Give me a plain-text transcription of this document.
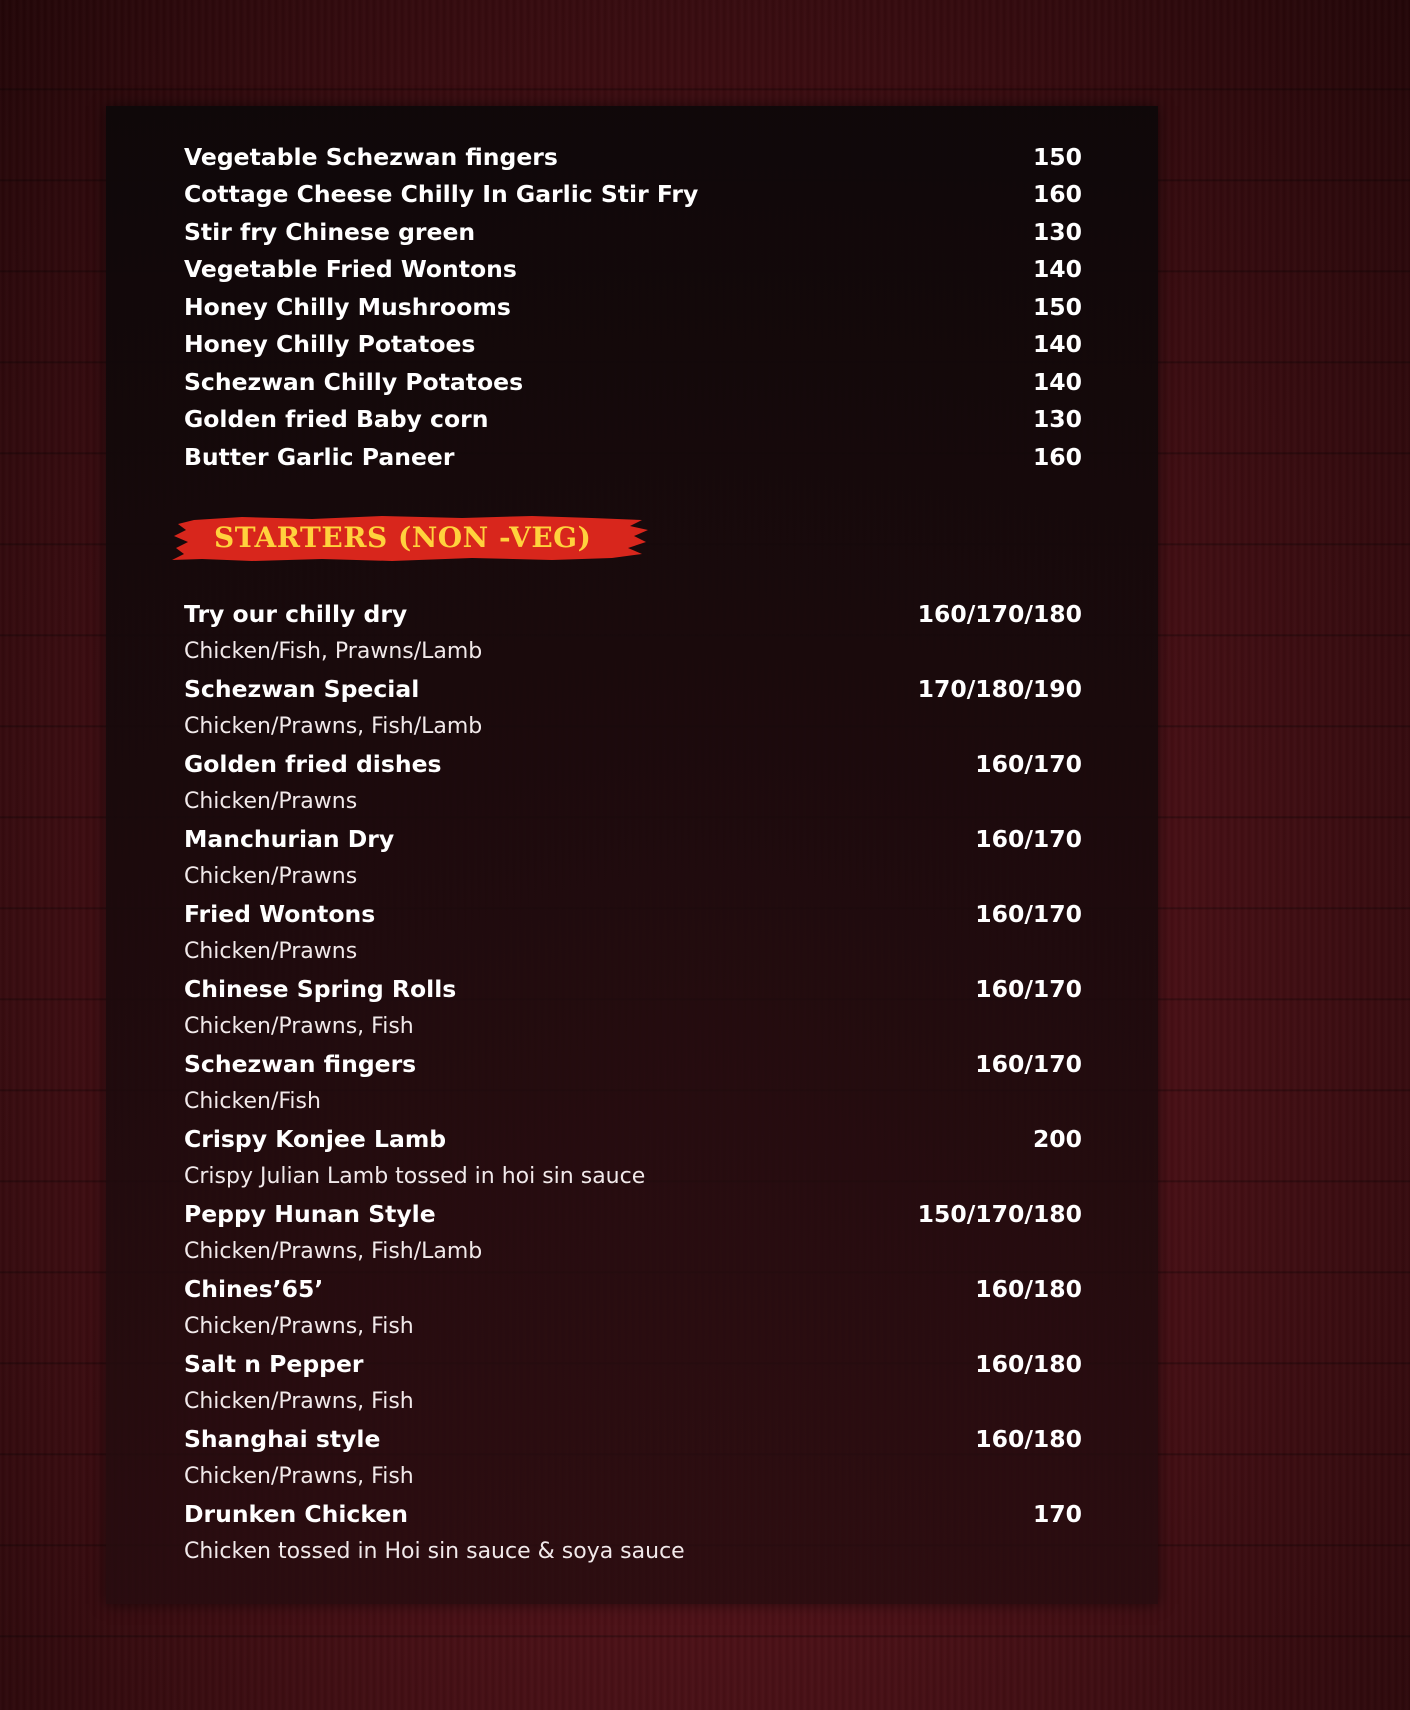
Vegetable Schezwan fingers	150
Cottage Cheese Chilly In Garlic Stir Fry	160
Stir fry Chinese green	130
Vegetable Fried Wontons	140
Honey Chilly Mushrooms	150
Honey Chilly Potatoes	140
Schezwan Chilly Potatoes	140
Golden fried Baby corn	130
Butter Garlic Paneer	160
STARTERS (NON -VEG)
Try our chilly dry	160/170/180
Chicken/Fish, Prawns/Lamb
Schezwan Special	170/180/190
Chicken/Prawns, Fish/Lamb
Golden fried dishes	160/170
Chicken/Prawns
Manchurian Dry	160/170
Chicken/Prawns
Fried Wontons	160/170
Chicken/Prawns
Chinese Spring Rolls	160/170
Chicken/Prawns, Fish
Schezwan fingers	160/170
Chicken/Fish
Crispy Konjee Lamb	200
Crispy Julian Lamb tossed in hoi sin sauce
Peppy Hunan Style	150/170/180
Chicken/Prawns, Fish/Lamb
Chines’65’	160/180
Chicken/Prawns, Fish
Salt n Pepper	160/180
Chicken/Prawns, Fish
Shanghai style	160/180
Chicken/Prawns, Fish
Drunken Chicken	170
Chicken tossed in Hoi sin sauce & soya sauce
